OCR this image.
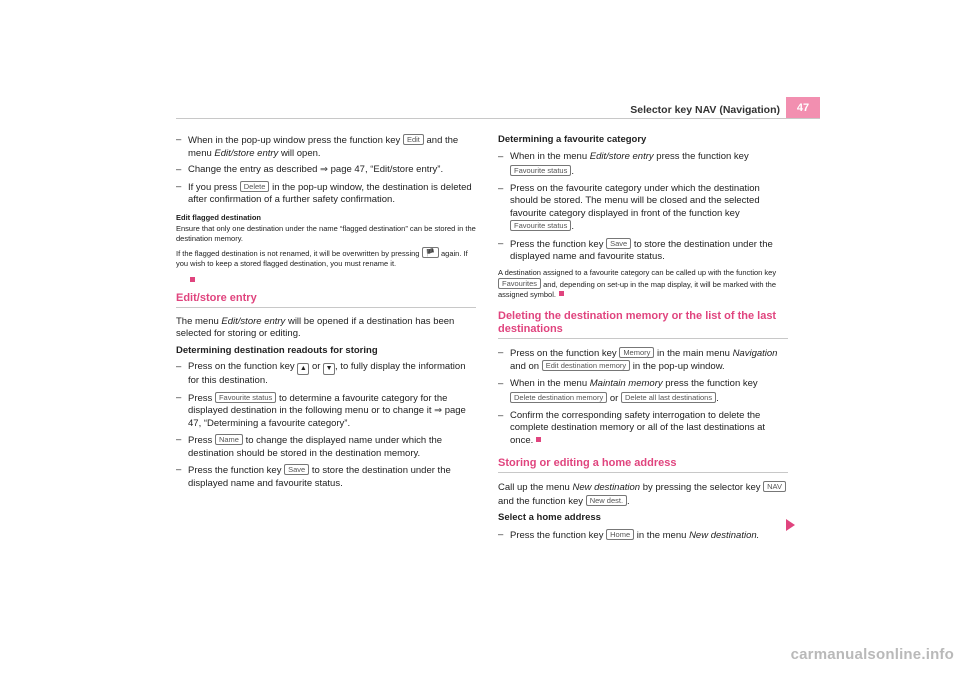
Selector key NAV (Navigation)	47
– When in the pop-up window press the function key Edit and the menu Edit/store entry will open.
– Change the entry as described ⇒ page 47, “Edit/store entry”.
– If you press Delete in the pop-up window, the destination is deleted after confirmation of a further safety confirmation.
Edit flagged destination

Ensure that only one destination under the name “flagged destination” can be stored in the destination memory.

If the flagged destination is not renamed, it will be overwritten by pressing 🏴 again. If you wish to keep a stored flagged destination, you must rename it.

Edit/store entry

The menu Edit/store entry will be opened if a destination has been selected for storing or editing.

Determining destination readouts for storing

– Press on the function key ▲ or ▼ , to fully display the information for this destination.
– Press Favourite status to determine a favourite category for the displayed destination in the following menu or to change it ⇒ page 47, “Determining a favourite category”.
– Press Name to change the displayed name under which the destination should be stored in the destination memory.
– Press the function key Save to store the destination under the displayed name and favourite status.

Determining a favourite category

– When in the menu Edit/store entry press the function key
Favourite status .
– Press on the favourite category under which the destination should be stored. The menu will be closed and the selected favourite category displayed in front of the function key Favourite status .
– Press the function key Save to store the destination under the displayed name and favourite status.

A destination assigned to a favourite category can be called up with the function key Favourites and, depending on set-up in the map display, it will be marked with the assigned symbol.

Deleting the destination memory or the list of the last destinations
– Press on the function key Memory in the main menu Navigation and on Edit destination memory in the pop-up window.
– When in the menu Maintain memory press the function key
Delete destination memory or Delete all last destinations .
– Confirm the corresponding safety interrogation to delete the complete destination memory or all of the last destinations at once.
Storing or editing a home address

Call up the menu New destination by pressing the selector key NAV and the function key New dest. .

Select a home address

– Press the function key Home in the menu New destination.
carmanualsonline.info
